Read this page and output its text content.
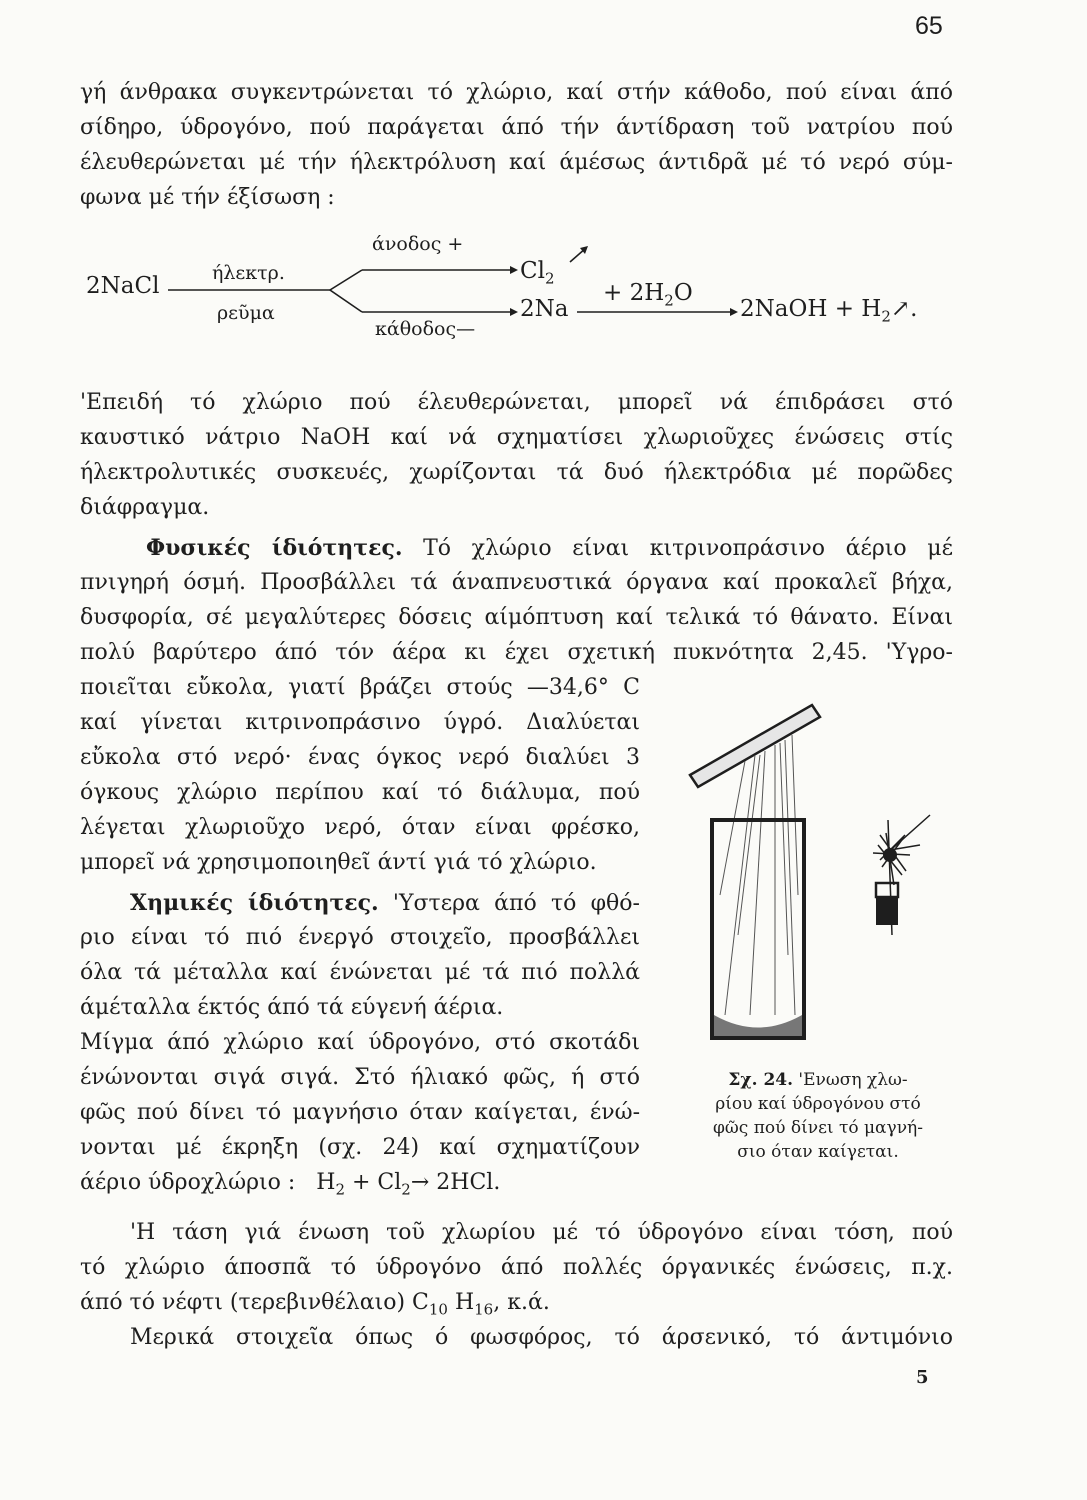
65
γή άνθρακα συγκεντρώνεται τό χλώριο, καί στήν κάθοδο, πού είναι άπό
σίδηρο, ύδρογόνο, πού παράγεται άπό τήν άντίδραση τοῦ νατρίου πού
έλευθερώνεται μέ τήν ήλεκτρόλυση καί άμέσως άντιδρᾶ μέ τό νερό σύμ-
φωνα μέ τήν έξίσωση :
άνοδος +
ήλεκτρ.
2NaCl
ρεῦμα
κάθοδος—
$Cl_2$
2Na
+ $2H_2O$
2NaOH + $H_2↗$.
'Επειδή τό χλώριο πού έλευθερώνεται, μπορεῖ νά έπιδράσει στό
καυστικό νάτριο NaOH καί νά σχηματίσει χλωριοῦχες ένώσεις στίς
ήλεκτρολυτικές συσκευές, χωρίζονται τά δυό ήλεκτρόδια μέ πορῶδες
διάφραγμα.
Φυσικές ίδιότητες. Τό χλώριο είναι κιτρινοπράσινο άέριο μέ
πνιγηρή όσμή. Προσβάλλει τά άναπνευστικά όργανα καί προκαλεῖ βήχα,
δυσφορία, σέ μεγαλύτερες δόσεις αίμόπτυση καί τελικά τό θάνατο. Είναι
πολύ βαρύτερο άπό τόν άέρα κι έχει σχετική πυκνότητα 2,45. 'Υγρο-
ποιεῖται εὔκολα, γιατί βράζει στούς —34,6° C
καί γίνεται κιτρινοπράσινο ύγρό. Διαλύεται
εὔκολα στό νερό· ένας όγκος νερό διαλύει 3
όγκους χλώριο περίπου καί τό διάλυμα, πού
λέγεται χλωριοῦχο νερό, όταν είναι φρέσκο,
μπορεῖ νά χρησιμοποιηθεῖ άντί γιά τό χλώριο.
Χημικές ίδιότητες. 'Υστερα άπό τό φθό-
ριο είναι τό πιό ένεργό στοιχεῖο, προσβάλλει
όλα τά μέταλλα καί ένώνεται μέ τά πιό πολλά
άμέταλλα έκτός άπό τά εύγενή άέρια.
Μίγμα άπό χλώριο καί ύδρογόνο, στό σκοτάδι
ένώνονται σιγά σιγά. Στό ήλιακό φῶς, ή στό
φῶς πού δίνει τό μαγνήσιο όταν καίγεται, ένώ-
νονται μέ έκρηξη (σχ. 24) καί σχηματίζουν
άέριο ύδροχλώριο : $H_2 + Cl_2\to 2HCl$.
'Η τάση γιά ένωση τοῦ χλωρίου μέ τό ύδρογόνο είναι τόση, πού
τό χλώριο άποσπᾶ τό ύδρογόνο άπό πολλές όργανικές ένώσεις, π.χ.
άπό τό νέφτι (τερεβινθέλαιο) $C_{10}$ $H_{16}$, κ.ά.
Μερικά στοιχεῖα όπως ό φωσφόρος, τό άρσενικό, τό άντιμόνιο
Σχ. 24. 'Ενωση χλω-
ρίου καί ύδρογόνου στό
φῶς πού δίνει τό μαγνή-
σιο όταν καίγεται.
5
